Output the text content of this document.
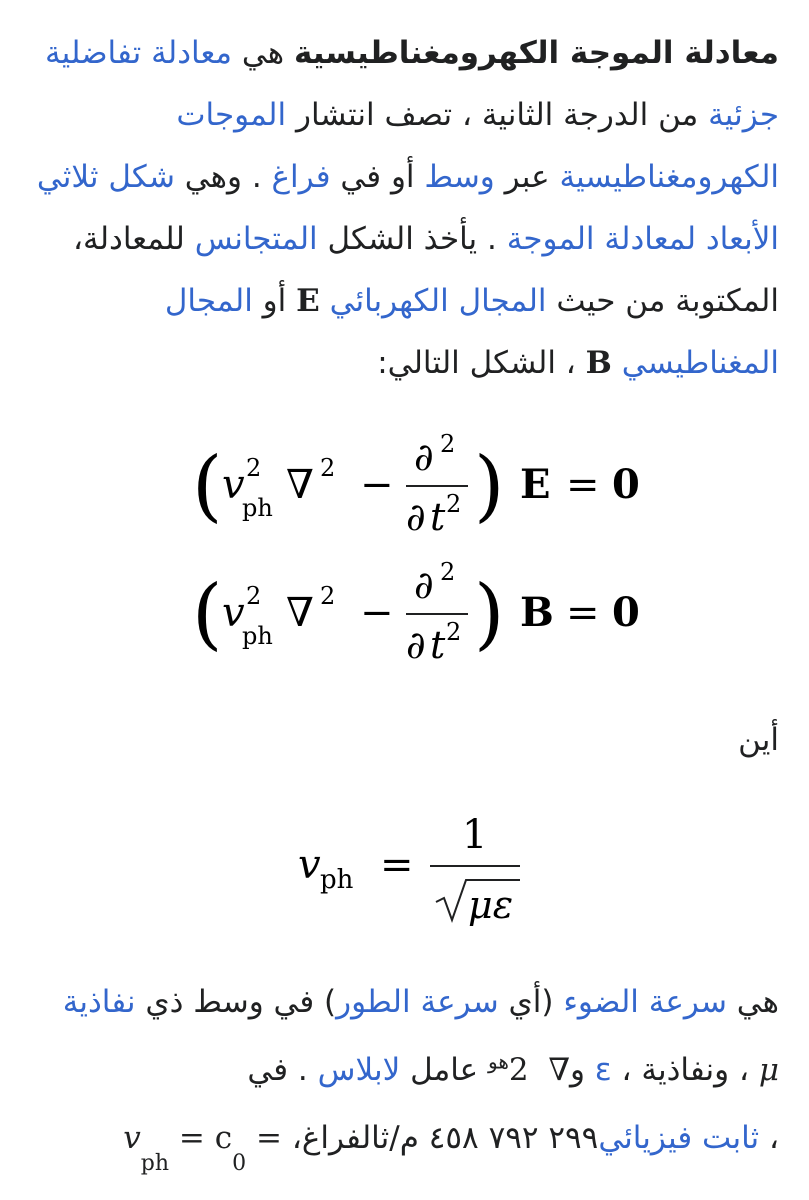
معادلة الموجة الكهرومغناطيسية هي معادلة تفاضلية جزئية من الدرجة الثانية ، تصف انتشار الموجات الكهرومغناطيسية عبر وسط أو في فراغ . وهي شكل ثلاثي الأبعاد لمعادلة الموجة . يأخذ الشكل المتجانس للمعادلة، المكتوبة من حيث المجال الكهربائي E أو المجال المغناطيسي B ، الشكل التالي:

( v 2
ph ∇ 2 −
∂ 2
∂ t 2 ) E = 0
( v 2
ph ∇ 2 −
∂ 2
∂ t 2 ) B = 0
أين
v ph =
1
με
هي سرعة الضوء (أي سرعة الطور) في وسط ذي نفاذية μ ، ونفاذية ، ε و∇  $2^{هو}$ عامل لابلاس . في
، ثابت فيزيائي٢٩٩ ٧٩٢ ٤٥٨ م/ثالفراغ، = = $c_0$ $v_{ph}$
